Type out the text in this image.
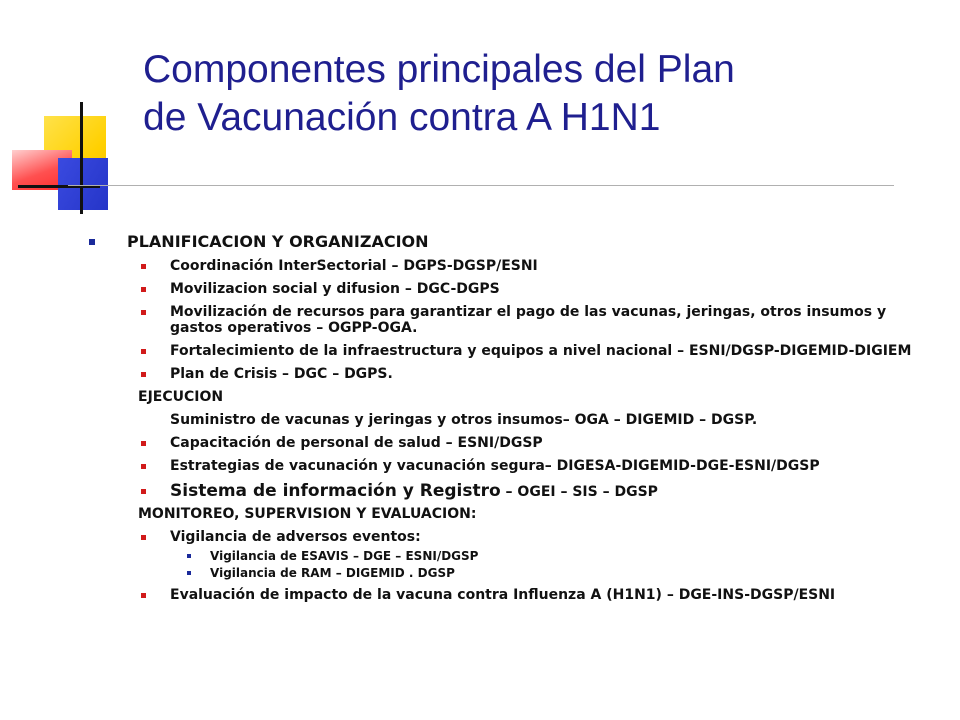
Componentes principales del Plan
de Vacunación contra A H1N1
PLANIFICACION Y ORGANIZACION
Coordinación InterSectorial – DGPS-DGSP/ESNI
Movilizacion social y difusion – DGC-DGPS
Movilización de recursos para garantizar el pago de las vacunas, jeringas, otros insumos y gastos operativos – OGPP-OGA.
Fortalecimiento de la infraestructura y equipos a nivel nacional – ESNI/DGSP-DIGEMID-DIGIEM
Plan de Crisis – DGC – DGPS.
EJECUCION
Suministro de vacunas y jeringas y otros insumos– OGA – DIGEMID – DGSP.
Capacitación de personal de salud – ESNI/DGSP
Estrategias de vacunación y vacunación segura– DIGESA-DIGEMID-DGE-ESNI/DGSP
Sistema de información y Registro – OGEI – SIS – DGSP
MONITOREO, SUPERVISION Y EVALUACION:
Vigilancia de adversos eventos:
Vigilancia de ESAVIS – DGE – ESNI/DGSP
Vigilancia de RAM – DIGEMID . DGSP
Evaluación de impacto de la vacuna contra Influenza A (H1N1) – DGE-INS-DGSP/ESNI
